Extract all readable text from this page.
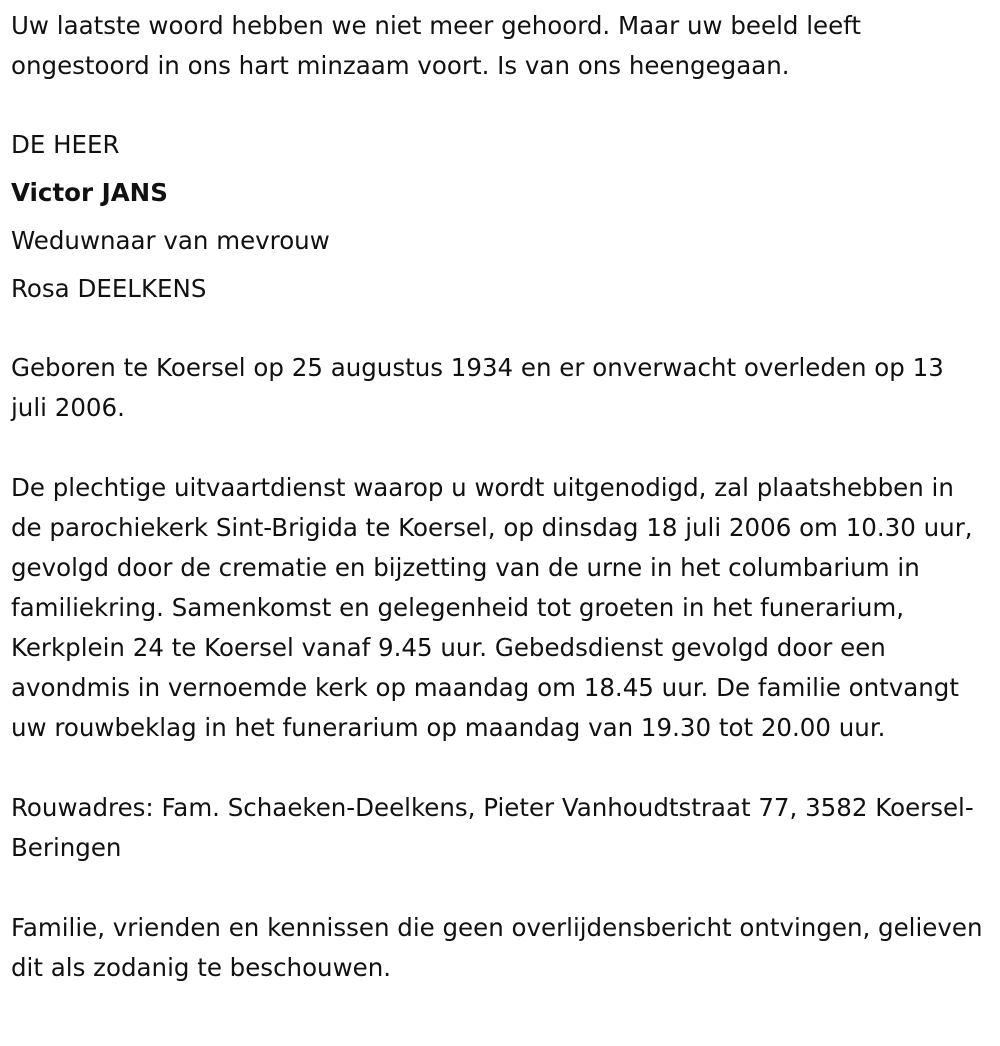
Uw laatste woord hebben we niet meer gehoord. Maar uw beeld leeft ongestoord in ons hart minzaam voort. Is van ons heengegaan.

DE HEER

Victor JANS

Weduwnaar van mevrouw

Rosa DEELKENS

Geboren te Koersel op 25 augustus 1934 en er onverwacht overleden op 13 juli 2006.

De plechtige uitvaartdienst waarop u wordt uitgenodigd, zal plaatshebben in de parochiekerk Sint-Brigida te Koersel, op dinsdag 18 juli 2006 om 10.30 uur, gevolgd door de crematie en bijzetting van de urne in het columbarium in familiekring. Samenkomst en gelegenheid tot groeten in het funerarium, Kerkplein 24 te Koersel vanaf 9.45 uur. Gebedsdienst gevolgd door een avondmis in vernoemde kerk op maandag om 18.45 uur. De familie ontvangt uw rouwbeklag in het funerarium op maandag van 19.30 tot 20.00 uur.

Rouwadres: Fam. Schaeken-Deelkens, Pieter Vanhoudtstraat 77, 3582 Koersel-Beringen

Familie, vrienden en kennissen die geen overlijdensbericht ontvingen, gelieven dit als zodanig te beschouwen.
